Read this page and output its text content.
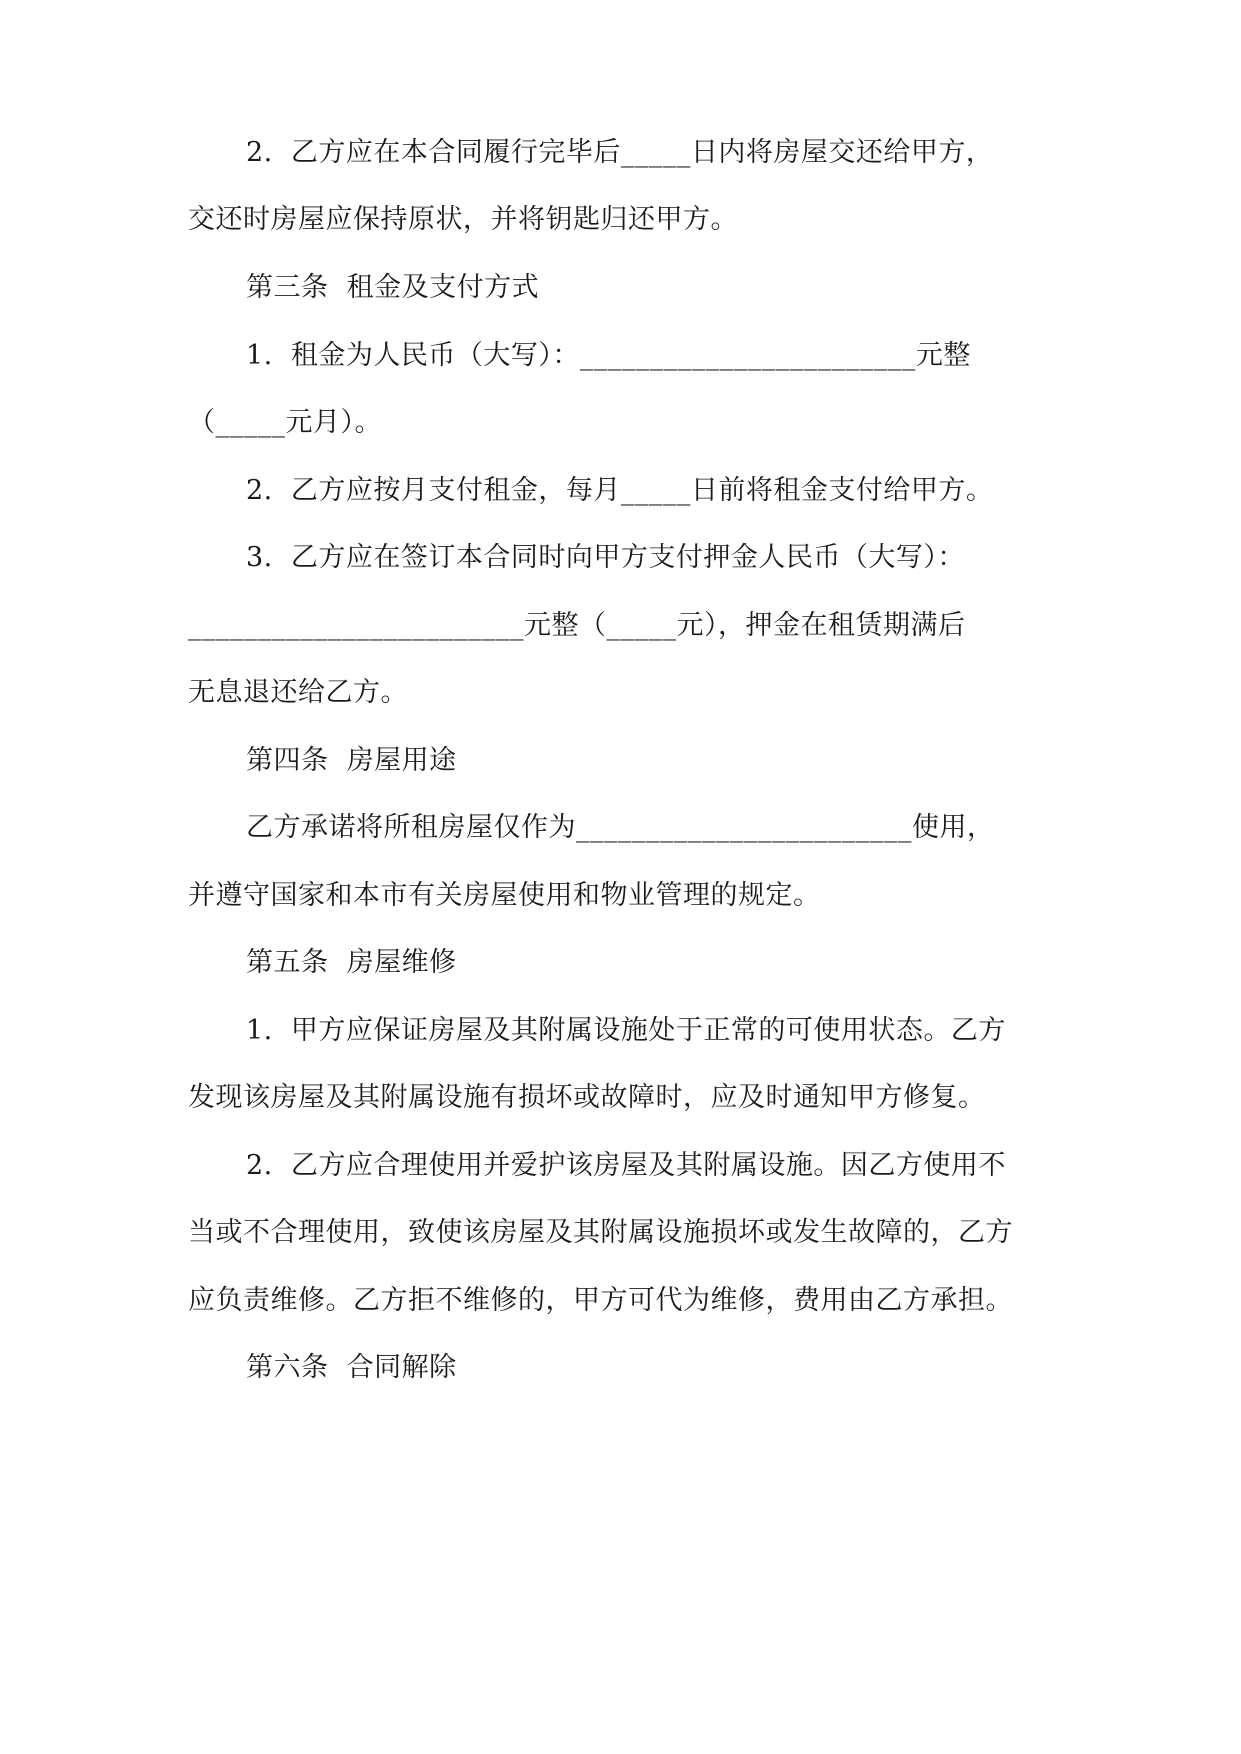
2.  乙方应在本合同履行完毕后_____日内将房屋交还给甲方，
交还时房屋应保持原状，并将钥匙归还甲方。
第三条  租金及支付方式
1.  租金为人民币（大写）：________________________元整
（_____元月）。
2.  乙方应按月支付租金，每月_____日前将租金支付给甲方。
3.  乙方应在签订本合同时向甲方支付押金人民币（大写）：
________________________元整（_____元），押金在租赁期满后
无息退还给乙方。
第四条  房屋用途
乙方承诺将所租房屋仅作为________________________使用，
并遵守国家和本市有关房屋使用和物业管理的规定。
第五条  房屋维修
1.  甲方应保证房屋及其附属设施处于正常的可使用状态。乙方
发现该房屋及其附属设施有损坏或故障时，应及时通知甲方修复。
2.  乙方应合理使用并爱护该房屋及其附属设施。因乙方使用不
当或不合理使用，致使该房屋及其附属设施损坏或发生故障的，乙方
应负责维修。乙方拒不维修的，甲方可代为维修，费用由乙方承担。
第六条  合同解除
